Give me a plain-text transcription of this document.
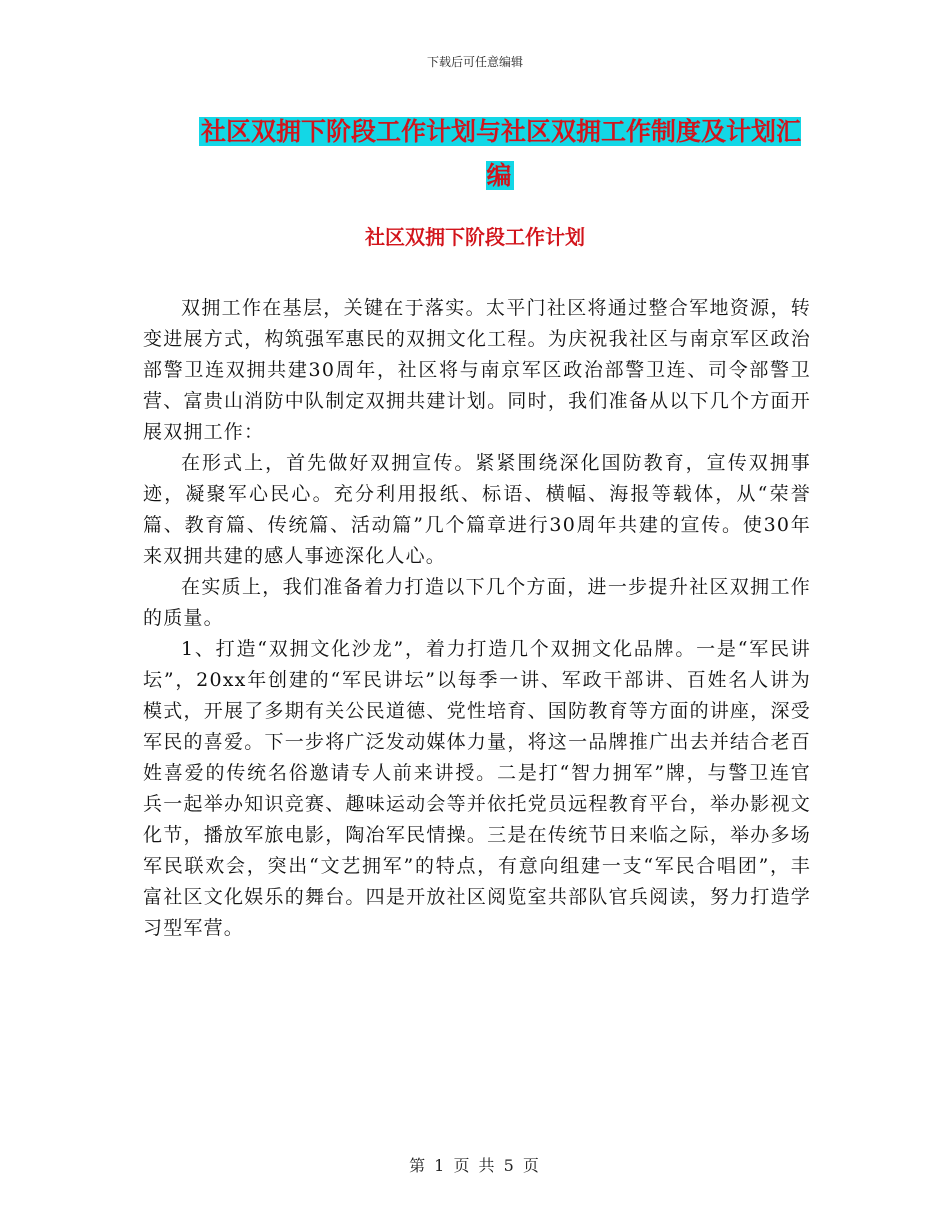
下载后可任意编辑
社区双拥下阶段工作计划与社区双拥工作制度及计划汇编
社区双拥下阶段工作计划

双拥工作在基层，关键在于落实。太平门社区将通过整合军地资源，转变进展方式，构筑强军惠民的双拥文化工程。为庆祝我社区与南京军区政治部警卫连双拥共建30周年，社区将与南京军区政治部警卫连、司令部警卫营、富贵山消防中队制定双拥共建计划。同时，我们准备从以下几个方面开展双拥工作：

在形式上，首先做好双拥宣传。紧紧围绕深化国防教育，宣传双拥事迹，凝聚军心民心。充分利用报纸、标语、横幅、海报等载体，从“荣誉篇、教育篇、传统篇、活动篇”几个篇章进行30周年共建的宣传。使30年来双拥共建的感人事迹深化人心。

在实质上，我们准备着力打造以下几个方面，进一步提升社区双拥工作的质量。

1、打造“双拥文化沙龙”，着力打造几个双拥文化品牌。一是“军民讲坛”，20xx年创建的“军民讲坛”以每季一讲、军政干部讲、百姓名人讲为模式，开展了多期有关公民道德、党性培育、国防教育等方面的讲座，深受军民的喜爱。下一步将广泛发动媒体力量，将这一品牌推广出去并结合老百姓喜爱的传统名俗邀请专人前来讲授。二是打“智力拥军”牌，与警卫连官兵一起举办知识竞赛、趣味运动会等并依托党员远程教育平台，举办影视文化节，播放军旅电影，陶冶军民情操。三是在传统节日来临之际，举办多场军民联欢会，突出“文艺拥军”的特点，有意向组建一支“军民合唱团”，丰富社区文化娱乐的舞台。四是开放社区阅览室共部队官兵阅读，努力打造学习型军营。

第 1 页 共 5 页
